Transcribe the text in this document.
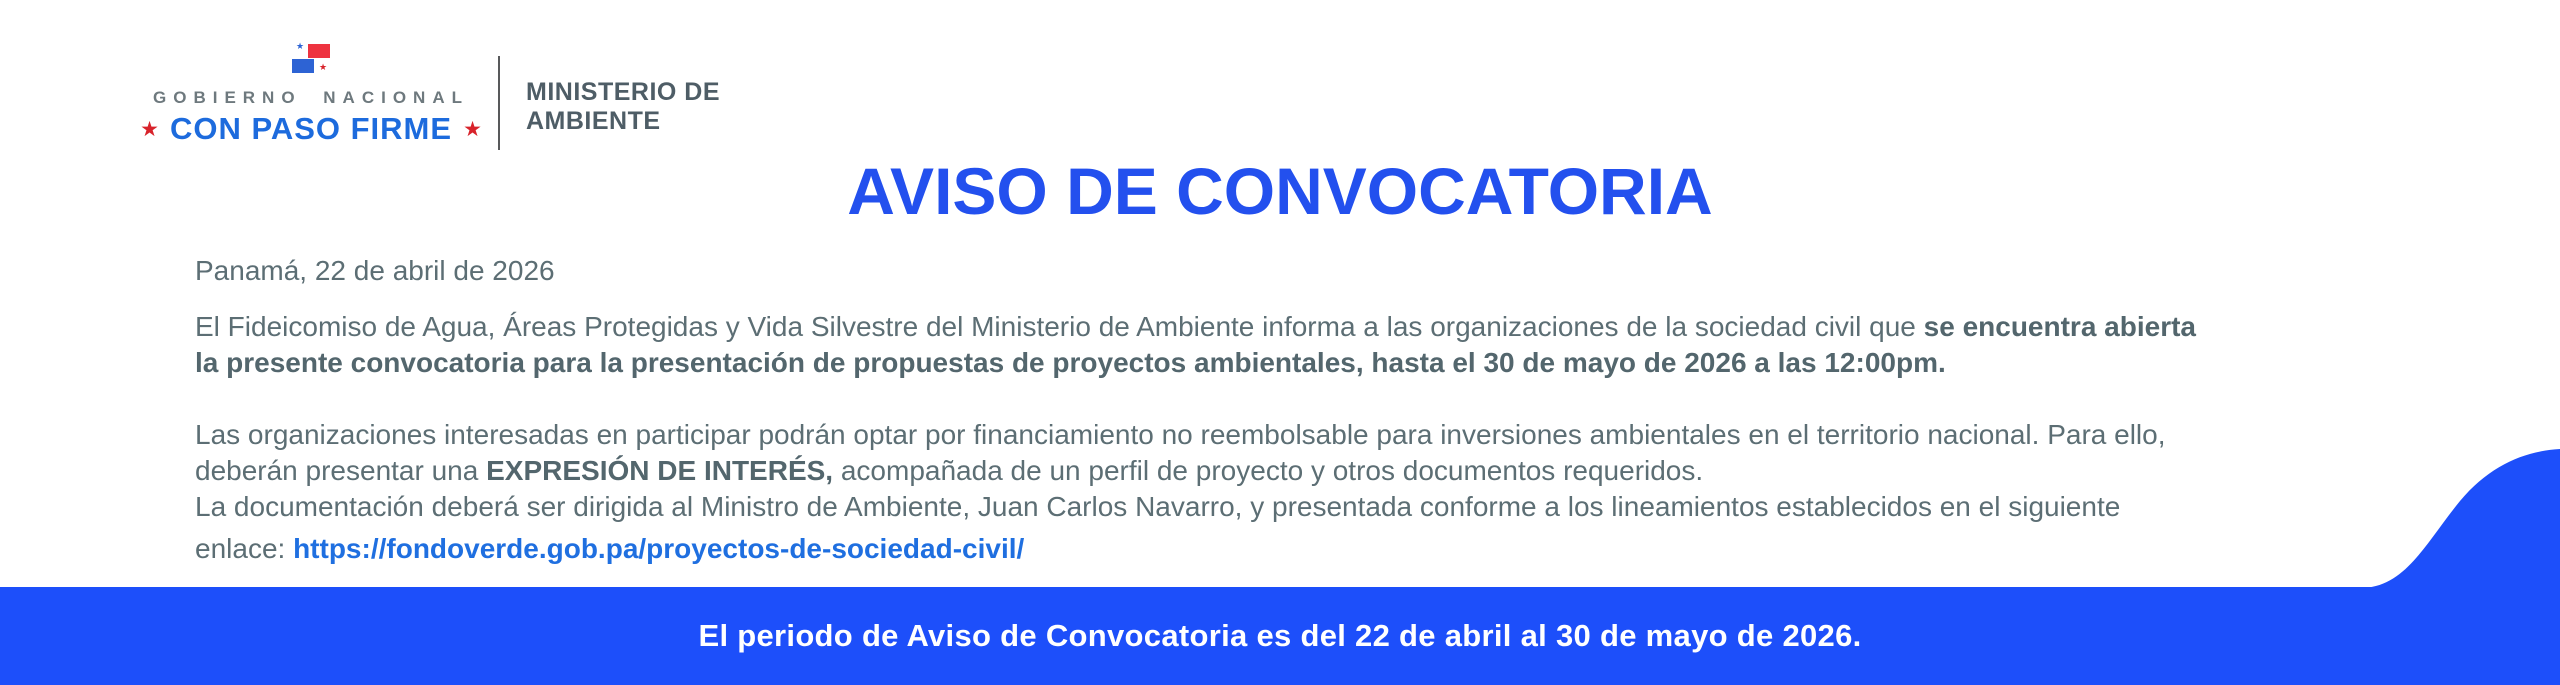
★
★
GOBIERNO NACIONAL
★ CON PASO FIRME ★
MINISTERIO DE
AMBIENTE
AVISO DE CONVOCATORIA
Panamá, 22 de abril de 2026
El Fideicomiso de Agua, Áreas Protegidas y Vida Silvestre del Ministerio de Ambiente informa a las organizaciones de la sociedad civil que se encuentra abierta
la presente convocatoria para la presentación de propuestas de proyectos ambientales, hasta el 30 de mayo de 2026 a las 12:00pm.
Las organizaciones interesadas en participar podrán optar por financiamiento no reembolsable para inversiones ambientales en el territorio nacional. Para ello,
deberán presentar una EXPRESIÓN DE INTERÉS, acompañada de un perfil de proyecto y otros documentos requeridos.
La documentación deberá ser dirigida al Ministro de Ambiente, Juan Carlos Navarro, y presentada conforme a los lineamientos establecidos en el siguiente
enlace: https://fondoverde.gob.pa/proyectos-de-sociedad-civil/
El periodo de Aviso de Convocatoria es del 22 de abril al 30 de mayo de 2026.
